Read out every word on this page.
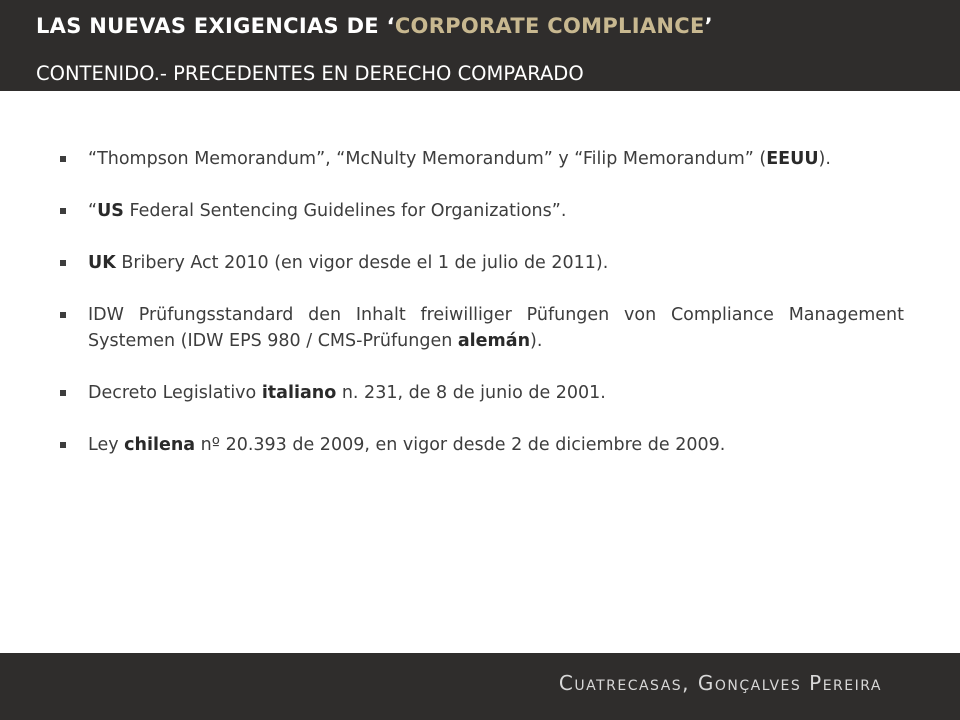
LAS NUEVAS EXIGENCIAS DE ‘CORPORATE COMPLIANCE’
CONTENIDO.- PRECEDENTES EN DERECHO COMPARADO
“Thompson Memorandum”, “McNulty Memorandum” y “Filip Memorandum” (EEUU).
“US Federal Sentencing Guidelines for Organizations”.
UK Bribery Act 2010 (en vigor desde el 1 de julio de 2011).
IDW Prüfungsstandard den Inhalt freiwilliger Püfungen von Compliance Management Systemen (IDW EPS 980 / CMS-Prüfungen alemán).
Decreto Legislativo italiano n. 231, de 8 de junio de 2001.
Ley chilena nº 20.393 de 2009, en vigor desde 2 de diciembre de 2009.
Cuatrecasas, Gonçalves Pereira
